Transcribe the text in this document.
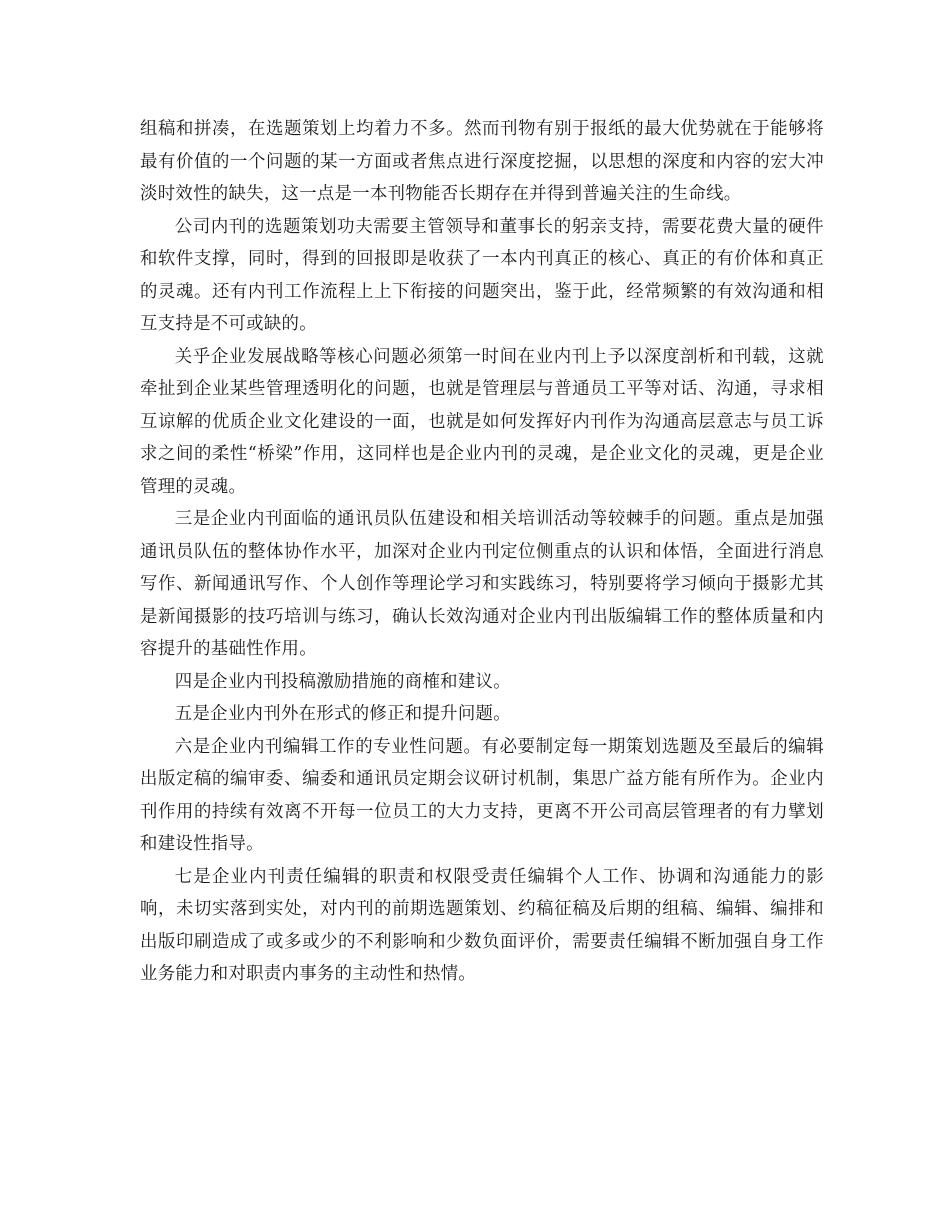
组稿和拼凑，在选题策划上均着力不多。然而刊物有别于报纸的最大优势就在于能够将最有价值的一个问题的某一方面或者焦点进行深度挖掘，以思想的深度和内容的宏大冲淡时效性的缺失，这一点是一本刊物能否长期存在并得到普遍关注的生命线。

公司内刊的选题策划功夫需要主管领导和董事长的躬亲支持，需要花费大量的硬件和软件支撑，同时，得到的回报即是收获了一本内刊真正的核心、真正的有价体和真正的灵魂。还有内刊工作流程上上下衔接的问题突出，鉴于此，经常频繁的有效沟通和相互支持是不可或缺的。

关乎企业发展战略等核心问题必须第一时间在业内刊上予以深度剖析和刊载，这就牵扯到企业某些管理透明化的问题，也就是管理层与普通员工平等对话、沟通，寻求相互谅解的优质企业文化建设的一面，也就是如何发挥好内刊作为沟通高层意志与员工诉求之间的柔性“桥梁”作用，这同样也是企业内刊的灵魂，是企业文化的灵魂，更是企业管理的灵魂。

三是企业内刊面临的通讯员队伍建设和相关培训活动等较棘手的问题。重点是加强通讯员队伍的整体协作水平，加深对企业内刊定位侧重点的认识和体悟，全面进行消息写作、新闻通讯写作、个人创作等理论学习和实践练习，特别要将学习倾向于摄影尤其是新闻摄影的技巧培训与练习，确认长效沟通对企业内刊出版编辑工作的整体质量和内容提升的基础性作用。

四是企业内刊投稿激励措施的商榷和建议。

五是企业内刊外在形式的修正和提升问题。

六是企业内刊编辑工作的专业性问题。有必要制定每一期策划选题及至最后的编辑出版定稿的编审委、编委和通讯员定期会议研讨机制，集思广益方能有所作为。企业内刊作用的持续有效离不开每一位员工的大力支持，更离不开公司高层管理者的有力擘划和建设性指导。

七是企业内刊责任编辑的职责和权限受责任编辑个人工作、协调和沟通能力的影响，未切实落到实处，对内刊的前期选题策划、约稿征稿及后期的组稿、编辑、编排和出版印刷造成了或多或少的不利影响和少数负面评价，需要责任编辑不断加强自身工作业务能力和对职责内事务的主动性和热情。
